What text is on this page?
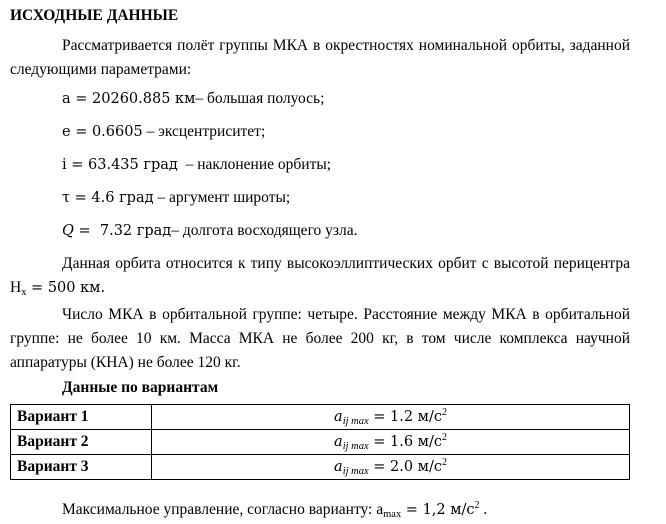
ИСХОДНЫЕ ДАННЫЕ
Рассматривается полёт группы МКА в окрестностях номинальной орбиты, заданной следующими параметрами:
a = 20260.885 км– большая полуось;
e = 0.6605 – эксцентриситет;
i = 63.435 град  – наклонение орбиты;
τ = 4.6 град – аргумент широты;
Q =  7.32 град– долгота восходящего узла.
Данная орбита относится к типу высокоэллиптических орбит с высотой перицентра $H_x = 500$ км.
Число МКА в орбитальной группе: четыре. Расстояние между МКА в орбитальной группе: не более 10 км. Масса МКА не более 200 кг, в том числе комплекса научной аппаратуры (КНА) не более 120 кг.
Данные по вариантам
Вариант 1	$a_{ij max} = 1.2$ $м/с^2$
Вариант 2	$a_{ij max} = 1.6$ $м/с^2$
Вариант 3	$a_{ij max} = 2.0$ $м/с^2$
Максимальное управление, согласно варианту: $a_{max} = 1,2$ $м/с^2$ .
